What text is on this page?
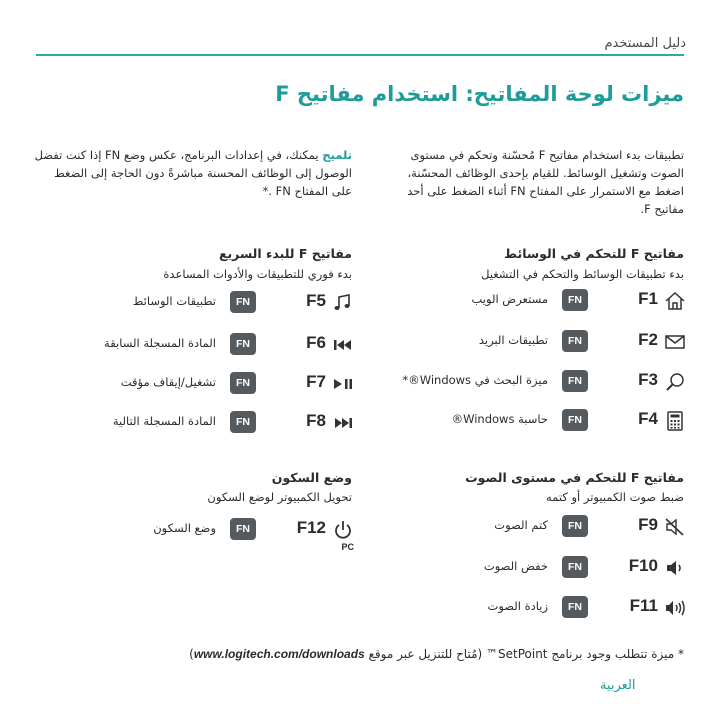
دليل المستخدم
ميزات لوحة المفاتيح: استخدام مفاتيح F
تطبيقات بدء استخدام مفاتيح F مُحسّنة وتحكم في مستوى الصوت وتشغيل الوسائط. للقيام بإحدى الوظائف المحسّنة، اضغط مع الاستمرار على المفتاح FN أثناء الضغط على أحد مفاتيح F.
تلميح يمكنك، في إعدادات البرنامج، عكس وضع FN إذا كنت تفضل الوصول إلى الوظائف المحسنة مباشرةً دون الحاجة إلى الضغط على المفتاح FN .*
مفاتيح F للتحكم في الوسائط
بدء تطبيقات الوسائط والتحكم في التشغيل
F1
FN
مستعرض الويب
F2
FN
تطبيقات البريد
F3
FN
ميزة البحث في Windows®*
F4
FN
حاسبة Windows®
مفاتيح F للبدء السريع
بدء فوري للتطبيقات والأدوات المساعدة
F5
FN
تطبيقات الوسائط
F6
FN
المادة المسجلة السابقة
F7
FN
تشغيل/إيقاف مؤقت
F8
FN
المادة المسجلة التالية
مفاتيح F للتحكم في مستوى الصوت
ضبط صوت الكمبيوتر أو كتمه
F9
FN
كتم الصوت
F10
FN
خفض الصوت
F11
FN
زيادة الصوت
وضع السكون
تحويل الكمبيوتر لوضع السكون
PC
F12
FN
وضع السكون
* ميزة تتطلب وجود برنامج SetPoint™ (مُتاح للتنزيل عبر موقع www.logitech.com/downloads)
العربية
